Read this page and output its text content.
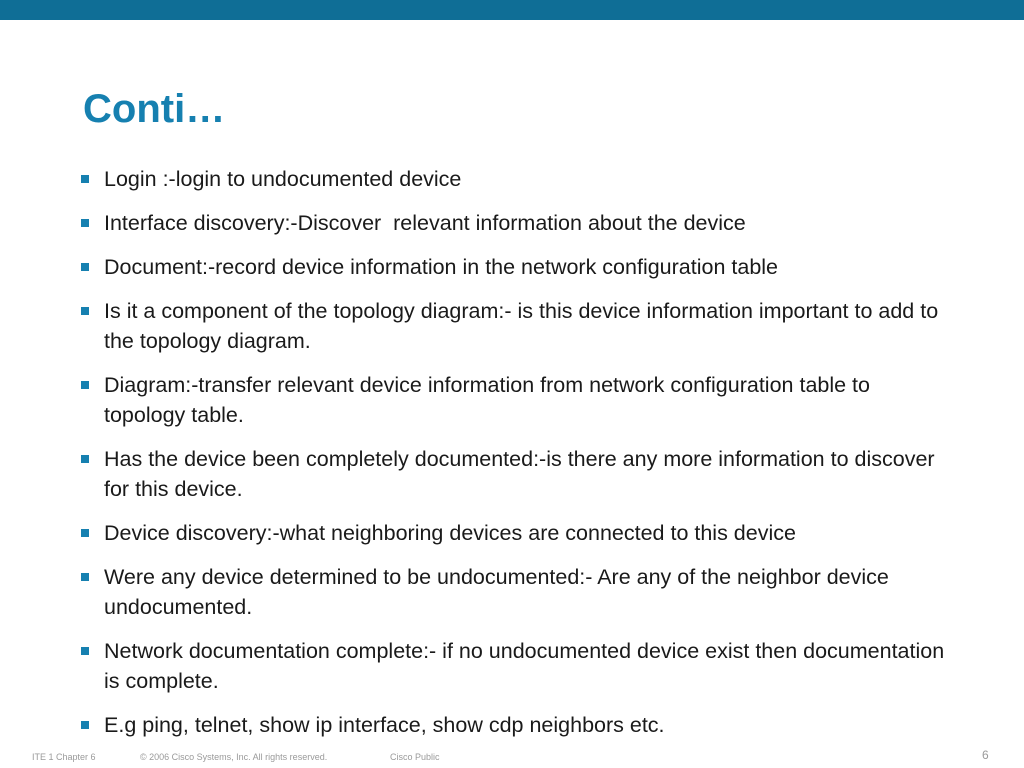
Conti…
Login :-login to undocumented device
Interface discovery:-Discover  relevant information about the device
Document:-record device information in the network configuration table
Is it a component of the topology diagram:- is this device information important to add to the topology diagram.
Diagram:-transfer relevant device information from network configuration table to topology table.
Has the device been completely documented:-is there any more information to discover for this device.
Device discovery:-what neighboring devices are connected to this device
Were any device determined to be undocumented:- Are any of the neighbor device undocumented.
Network documentation complete:- if no undocumented device exist then documentation is complete.
E.g ping, telnet, show ip interface, show cdp neighbors etc.
ITE 1 Chapter 6	© 2006 Cisco Systems, Inc. All rights reserved.	Cisco Public	6
